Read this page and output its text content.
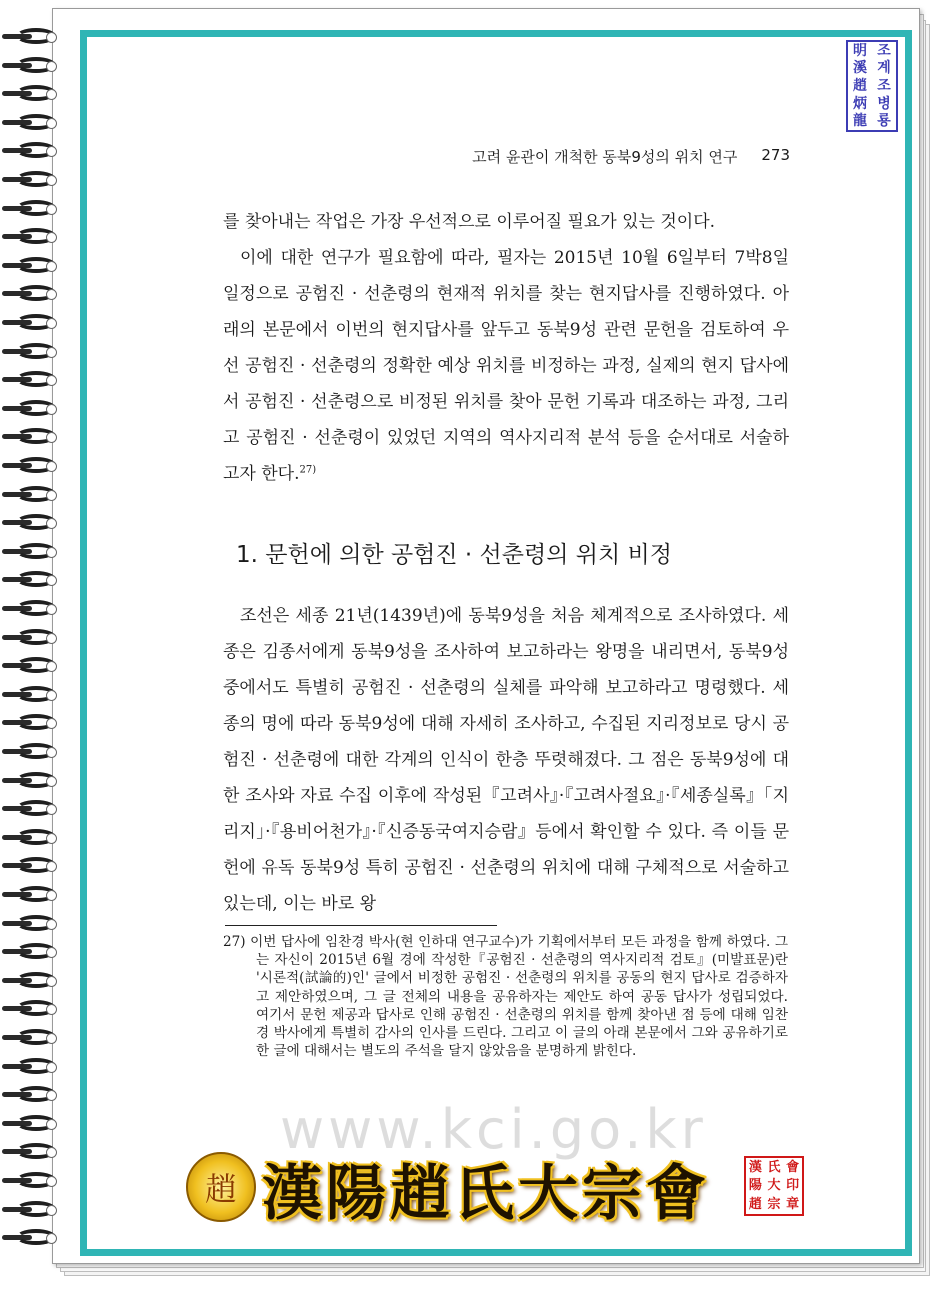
明
溪
趙
炳
龍
조
계
조
병
룡
고려 윤관이 개척한 동북9성의 위치 연구 273

를 찾아내는 작업은 가장 우선적으로 이루어질 필요가 있는 것이다.

이에 대한 연구가 필요함에 따라, 필자는 2015년 10월 6일부터 7박8일 일정으로 공험진 · 선춘령의 현재적 위치를 찾는 현지답사를 진행하였다. 아래의 본문에서 이번의 현지답사를 앞두고 동북9성 관련 문헌을 검토하여 우선 공험진 · 선춘령의 정확한 예상 위치를 비정하는 과정, 실제의 현지 답사에서 공험진 · 선춘령으로 비정된 위치를 찾아 문헌 기록과 대조하는 과정, 그리고 공험진 · 선춘령이 있었던 지역의 역사지리적 분석 등을 순서대로 서술하고자 한다.$^{27)}$

1. 문헌에 의한 공험진 · 선춘령의 위치 비정

조선은 세종 21년(1439년)에 동북9성을 처음 체계적으로 조사하였다. 세종은 김종서에게 동북9성을 조사하여 보고하라는 왕명을 내리면서, 동북9성 중에서도 특별히 공험진 · 선춘령의 실체를 파악해 보고하라고 명령했다. 세종의 명에 따라 동북9성에 대해 자세히 조사하고, 수집된 지리정보로 당시 공험진 · 선춘령에 대한 각계의 인식이 한층 뚜렷해졌다. 그 점은 동북9성에 대한 조사와 자료 수집 이후에 작성된『고려사』·『고려사절요』·『세종실록』「지리지」·『용비어천가』·『신증동국여지승람』등에서 확인할 수 있다. 즉 이들 문헌에 유독 동북9성 특히 공험진 · 선춘령의 위치에 대해 구체적으로 서술하고 있는데, 이는 바로 왕

27) 이번 답사에 임찬경 박사(현 인하대 연구교수)가 기획에서부터 모든 과정을 함께 하였다. 그는 자신이 2015년 6월 경에 작성한『공험진 · 선춘령의 역사지리적 검토』(미발표문)란 '시론적(試論的)인' 글에서 비정한 공험진 · 선춘령의 위치를 공동의 현지 답사로 검증하자고 제안하였으며, 그 글 전체의 내용을 공유하자는 제안도 하여 공동 답사가 성립되었다. 여기서 문헌 제공과 답사로 인해 공험진 · 선춘령의 위치를 함께 찾아낸 점 등에 대해 임찬경 박사에게 특별히 감사의 인사를 드린다. 그리고 이 글의 아래 본문에서 그와 공유하기로 한 글에 대해서는 별도의 주석을 달지 않았음을 분명하게 밝힌다.

www.kci.go.kr
趙 漢陽趙氏大宗會	漢 氏 會
陽 大 印
趙 宗 章
